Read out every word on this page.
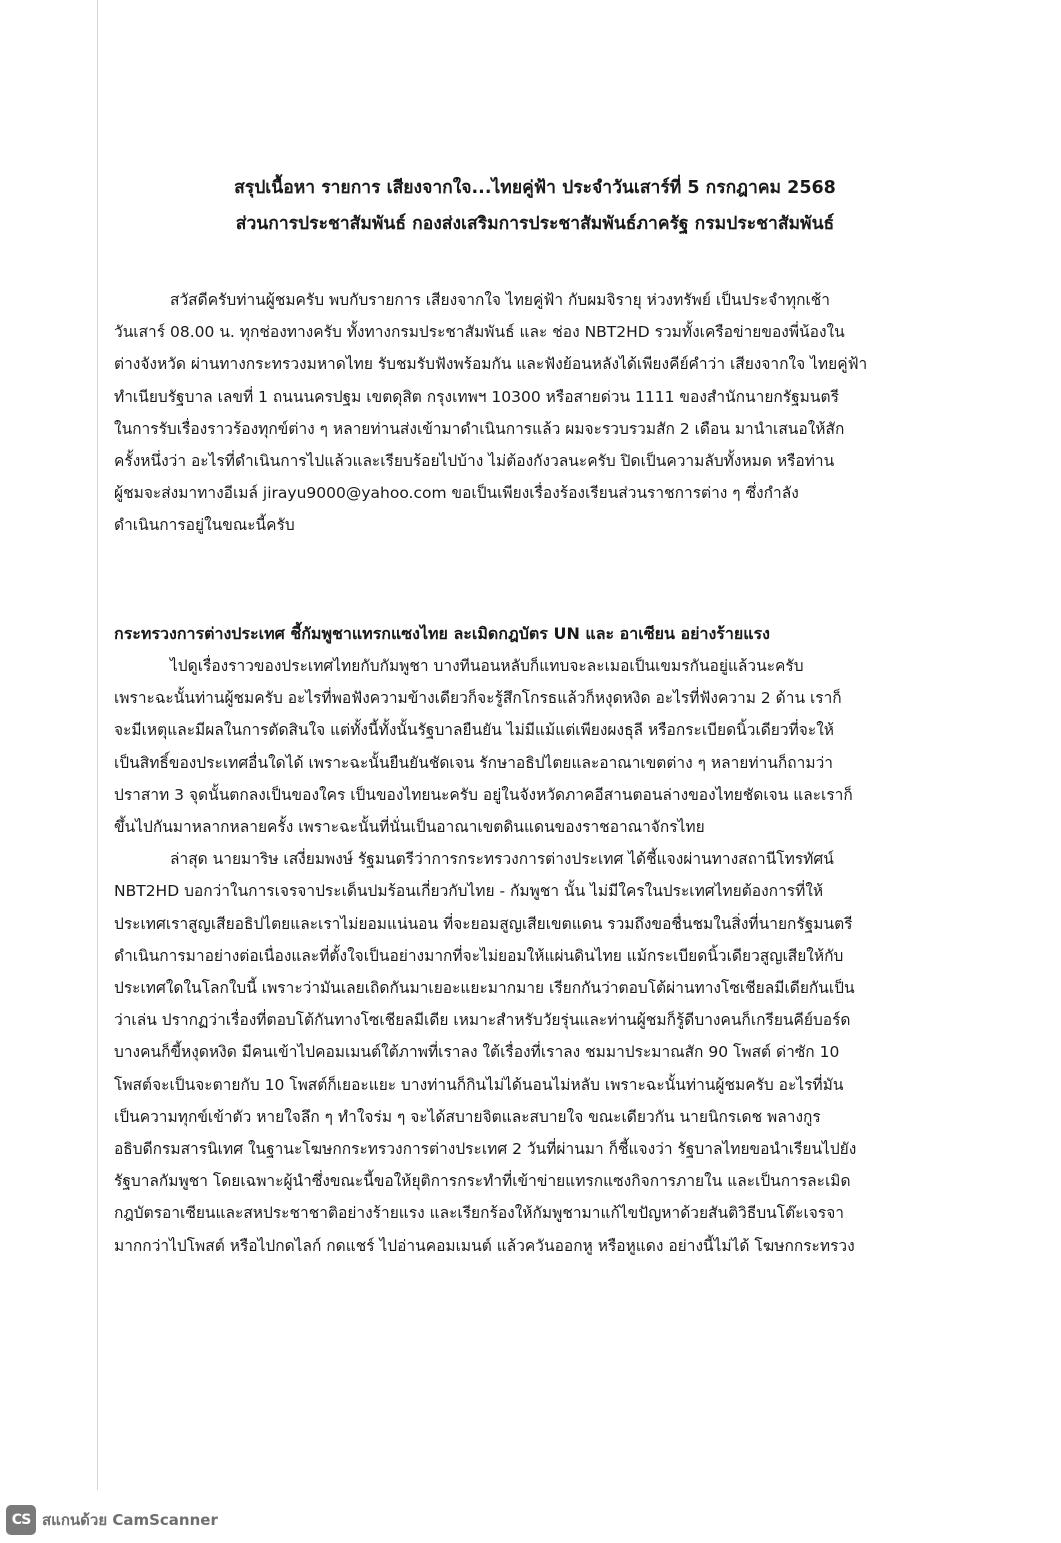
สรุปเนื้อหา รายการ เสียงจากใจ...ไทยคู่ฟ้า ประจำวันเสาร์ที่ 5 กรกฎาคม 2568
ส่วนการประชาสัมพันธ์ กองส่งเสริมการประชาสัมพันธ์ภาครัฐ กรมประชาสัมพันธ์
สวัสดีครับท่านผู้ชมครับ พบกับรายการ เสียงจากใจ ไทยคู่ฟ้า กับผมจิรายุ ห่วงทรัพย์ เป็นประจำทุกเช้า
วันเสาร์ 08.00 น. ทุกช่องทางครับ ทั้งทางกรมประชาสัมพันธ์ และ ช่อง NBT2HD รวมทั้งเครือข่ายของพี่น้องใน
ต่างจังหวัด ผ่านทางกระทรวงมหาดไทย รับชมรับฟังพร้อมกัน และฟังย้อนหลังได้เพียงคีย์คำว่า เสียงจากใจ ไทยคู่ฟ้า
ทำเนียบรัฐบาล เลขที่ 1 ถนนนครปฐม เขตดุสิต กรุงเทพฯ 10300 หรือสายด่วน 1111 ของสำนักนายกรัฐมนตรี
ในการรับเรื่องราวร้องทุกข์ต่าง ๆ หลายท่านส่งเข้ามาดำเนินการแล้ว ผมจะรวบรวมสัก 2 เดือน มานำเสนอให้สัก
ครั้งหนึ่งว่า อะไรที่ดำเนินการไปแล้วและเรียบร้อยไปบ้าง ไม่ต้องกังวลนะครับ ปิดเป็นความลับทั้งหมด หรือท่าน
ผู้ชมจะส่งมาทางอีเมล์ jirayu9000@yahoo.com ขอเป็นเพียงเรื่องร้องเรียนส่วนราชการต่าง ๆ ซึ่งกำลัง
ดำเนินการอยู่ในขณะนี้ครับ
กระทรวงการต่างประเทศ ชี้กัมพูชาแทรกแซงไทย ละเมิดกฎบัตร UN และ อาเซียน อย่างร้ายแรง
ไปดูเรื่องราวของประเทศไทยกับกัมพูชา บางทีนอนหลับก็แทบจะละเมอเป็นเขมรกันอยู่แล้วนะครับ
เพราะฉะนั้นท่านผู้ชมครับ อะไรที่พอฟังความข้างเดียวก็จะรู้สึกโกรธแล้วก็หงุดหงิด อะไรที่ฟังความ 2 ด้าน เราก็
จะมีเหตุและมีผลในการตัดสินใจ แต่ทั้งนี้ทั้งนั้นรัฐบาลยืนยัน ไม่มีแม้แต่เพียงผงธุลี หรือกระเบียดนิ้วเดียวที่จะให้
เป็นสิทธิ์ของประเทศอื่นใดได้ เพราะฉะนั้นยืนยันชัดเจน รักษาอธิปไตยและอาณาเขตต่าง ๆ หลายท่านก็ถามว่า
ปราสาท 3 จุดนั้นตกลงเป็นของใคร เป็นของไทยนะครับ อยู่ในจังหวัดภาคอีสานตอนล่างของไทยชัดเจน และเราก็
ขึ้นไปกันมาหลากหลายครั้ง เพราะฉะนั้นที่นั่นเป็นอาณาเขตดินแดนของราชอาณาจักรไทย
ล่าสุด นายมาริษ เสงี่ยมพงษ์ รัฐมนตรีว่าการกระทรวงการต่างประเทศ ได้ชี้แจงผ่านทางสถานีโทรทัศน์
NBT2HD บอกว่าในการเจรจาประเด็นปมร้อนเกี่ยวกับไทย - กัมพูชา นั้น ไม่มีใครในประเทศไทยต้องการที่ให้
ประเทศเราสูญเสียอธิปไตยและเราไม่ยอมแน่นอน ที่จะยอมสูญเสียเขตแดน รวมถึงขอชื่นชมในสิ่งที่นายกรัฐมนตรี
ดำเนินการมาอย่างต่อเนื่องและที่ตั้งใจเป็นอย่างมากที่จะไม่ยอมให้แผ่นดินไทย แม้กระเบียดนิ้วเดียวสูญเสียให้กับ
ประเทศใดในโลกใบนี้ เพราะว่ามันเลยเถิดกันมาเยอะแยะมากมาย เรียกกันว่าตอบโต้ผ่านทางโซเชียลมีเดียกันเป็น
ว่าเล่น ปรากฏว่าเรื่องที่ตอบโต้กันทางโซเชียลมีเดีย เหมาะสำหรับวัยรุ่นและท่านผู้ชมก็รู้ดีบางคนก็เกรียนคีย์บอร์ด
บางคนก็ขี้หงุดหงิด มีคนเข้าไปคอมเมนต์ใต้ภาพที่เราลง ใต้เรื่องที่เราลง ชมมาประมาณสัก 90 โพสต์ ด่าซัก 10
โพสต์จะเป็นจะตายกับ 10 โพสต์ก็เยอะแยะ บางท่านก็กินไม่ได้นอนไม่หลับ เพราะฉะนั้นท่านผู้ชมครับ อะไรที่มัน
เป็นความทุกข์เข้าตัว หายใจลึก ๆ ทำใจร่ม ๆ จะได้สบายจิตและสบายใจ ขณะเดียวกัน นายนิกรเดช พลางกูร
อธิบดีกรมสารนิเทศ ในฐานะโฆษกกระทรวงการต่างประเทศ 2 วันที่ผ่านมา ก็ชี้แจงว่า รัฐบาลไทยขอนำเรียนไปยัง
รัฐบาลกัมพูชา โดยเฉพาะผู้นำซึ่งขณะนี้ขอให้ยุติการกระทำที่เข้าข่ายแทรกแซงกิจการภายใน และเป็นการละเมิด
กฎบัตรอาเซียนและสหประชาชาติอย่างร้ายแรง และเรียกร้องให้กัมพูชามาแก้ไขปัญหาด้วยสันติวิธีบนโต๊ะเจรจา
มากกว่าไปโพสต์ หรือไปกดไลก์ กดแชร์ ไปอ่านคอมเมนต์ แล้วควันออกหู หรือหูแดง อย่างนี้ไม่ได้ โฆษกกระทรวง
CS สแกนด้วย CamScanner
